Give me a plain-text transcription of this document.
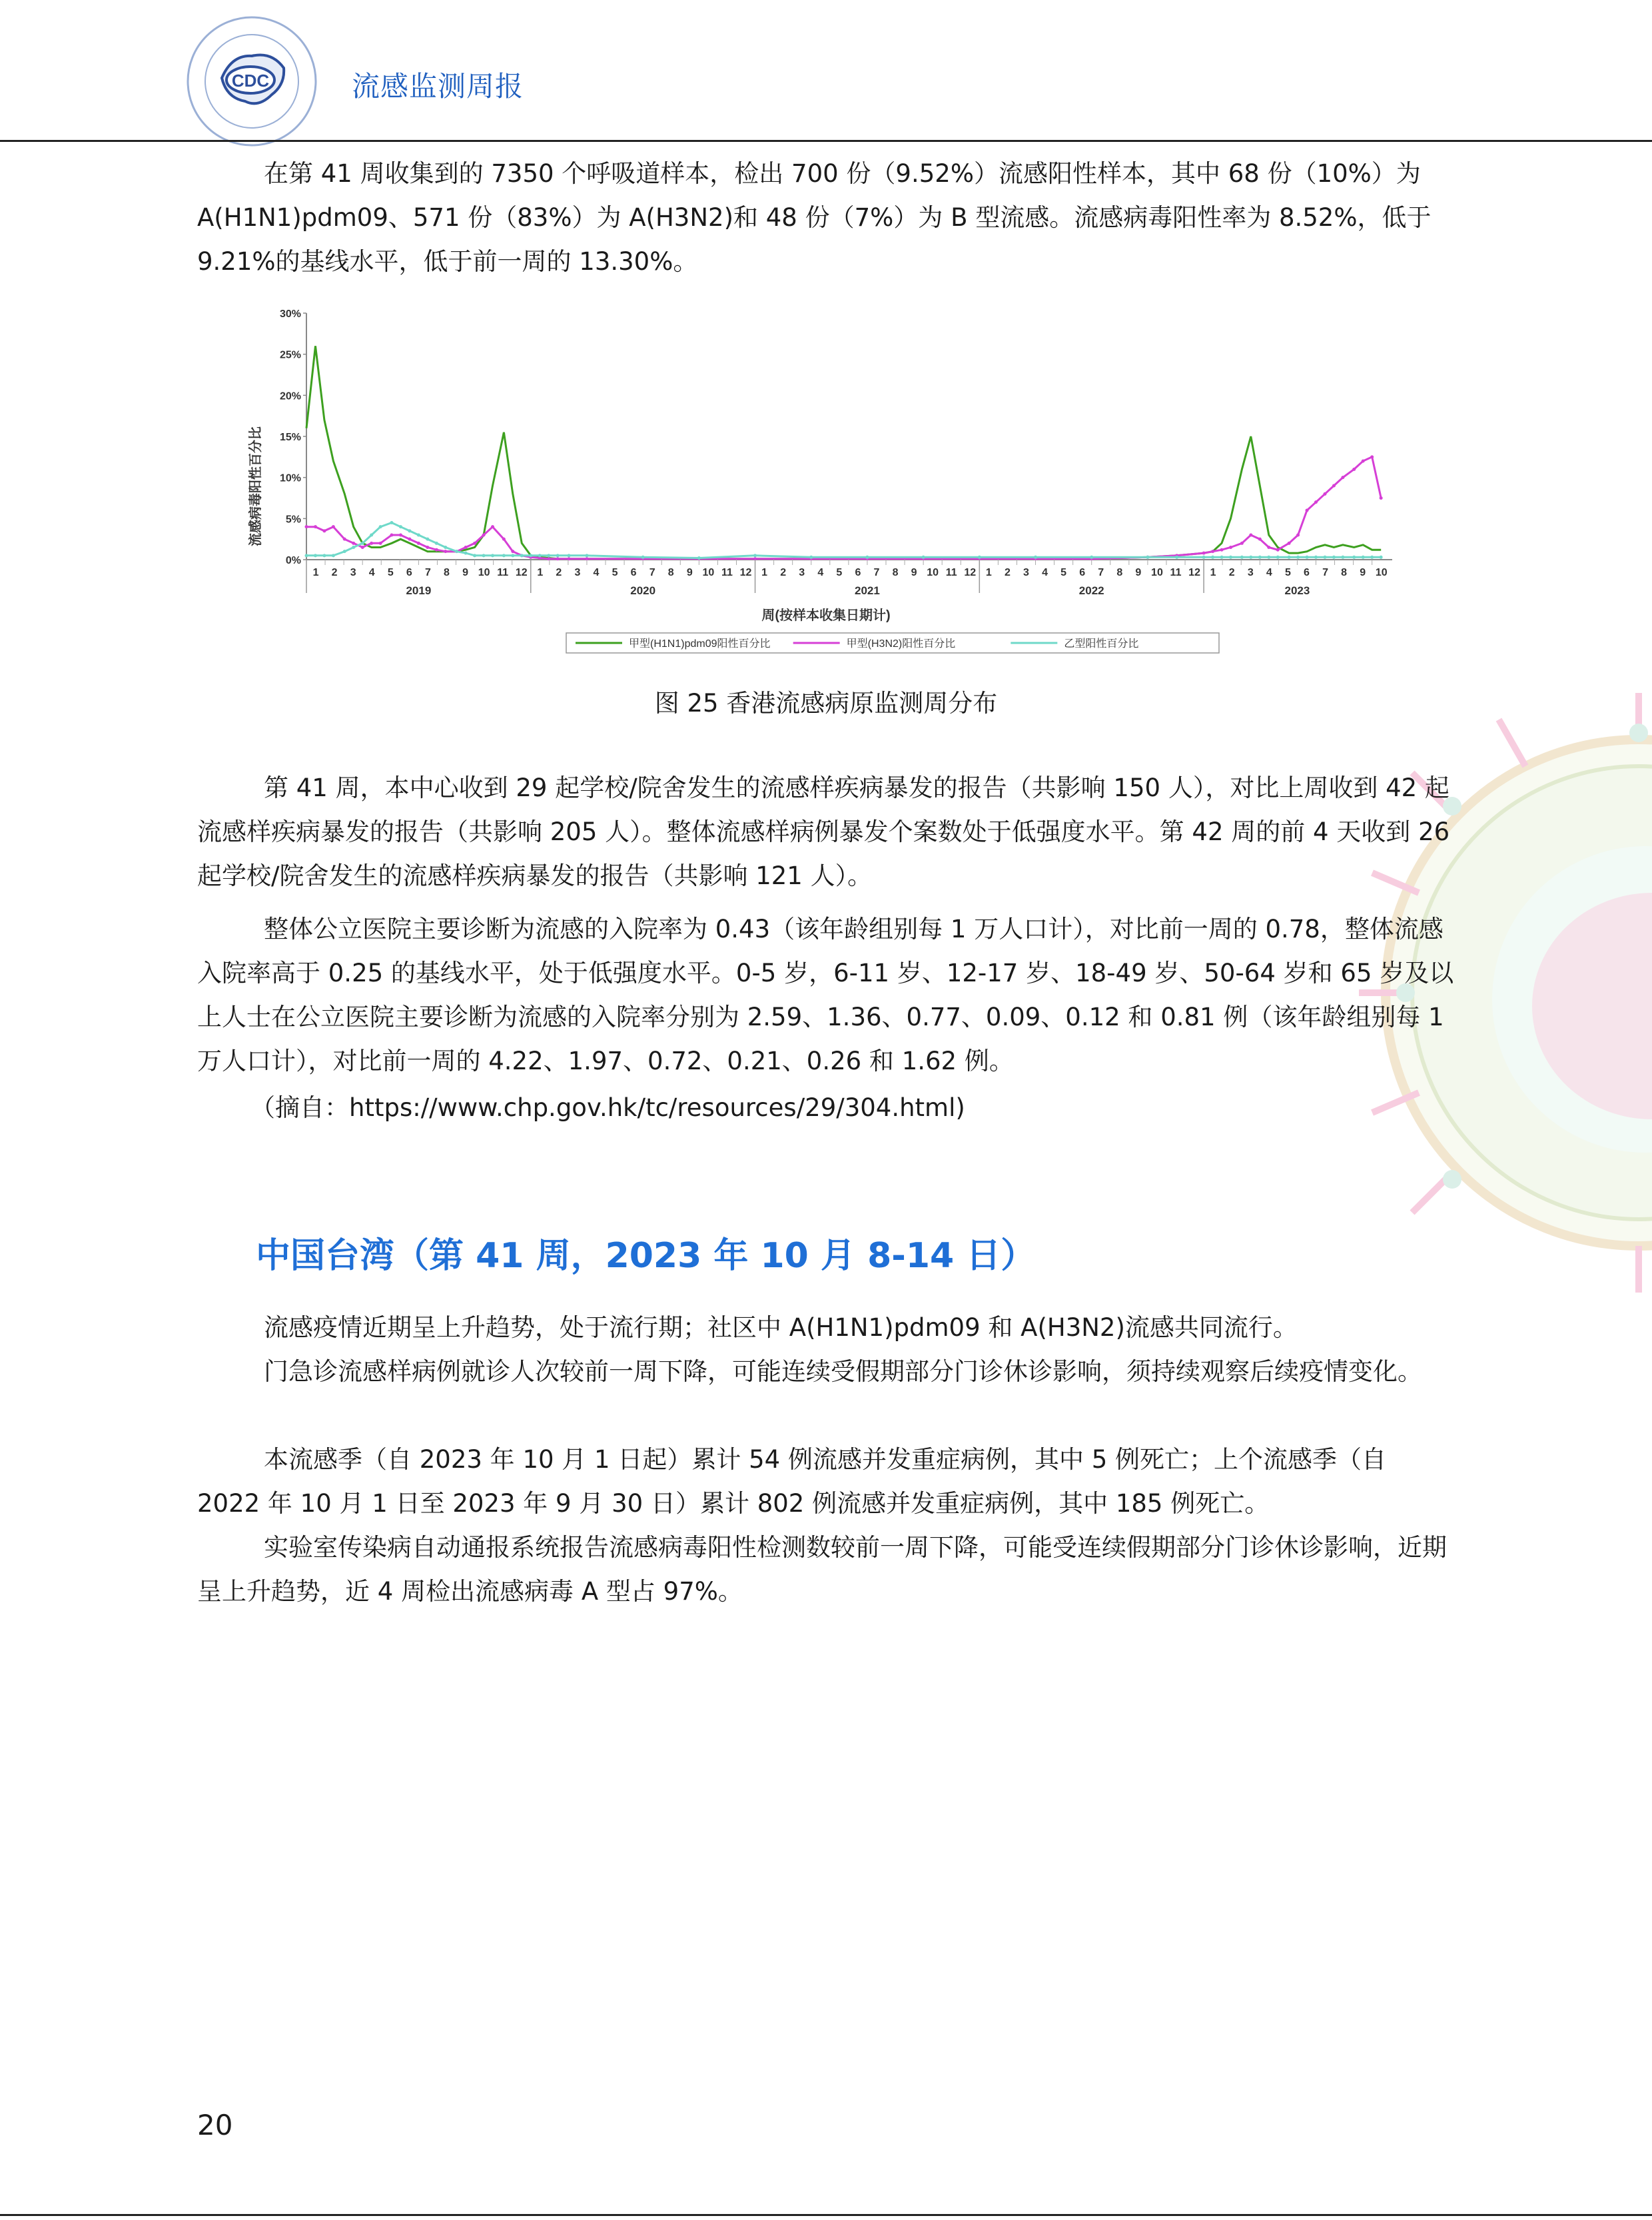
CDC	流感监测周报
在第 41 周收集到的 7350 个呼吸道样本，检出 700 份（9.52%）流感阳性样本，其中 68 份（10%）为 A(H1N1)pdm09、571 份（83%）为 A(H3N2)和 48 份（7%）为 B 型流感。流感病毒阳性率为 8.52%，低于 9.21%的基线水平，低于前一周的 13.30%。
流感病毒阳性百分比
0%
5%
10%
15%
20%
25%
30%
1 2 3 4 5 6 7 8 9 10 11 12
2019
1 2 3 4 5 6 7 8 9 10 11 12
2020
1 2 3 4 5 6 7 8 9 10 11 12
2021
1 2 3 4 5 6 7 8 9 10 11 12
2022
1 2 3 4 5 6 7 8 9 10
2023
周(按样本收集日期计)
甲型(H1N1)pdm09阳性百分比	甲型(H3N2)阳性百分比	乙型阳性百分比
图 25 香港流感病原监测周分布
第 41 周，本中心收到 29 起学校/院舍发生的流感样疾病暴发的报告（共影响 150 人），对比上周收到 42 起流感样疾病暴发的报告（共影响 205 人）。整体流感样病例暴发个案数处于低强度水平。第 42 周的前 4 天收到 26 起学校/院舍发生的流感样疾病暴发的报告（共影响 121 人）。
整体公立医院主要诊断为流感的入院率为 0.43（该年龄组别每 1 万人口计），对比前一周的 0.78，整体流感入院率高于 0.25 的基线水平，处于低强度水平。0-5 岁，6-11 岁、12-17 岁、18-49 岁、50-64 岁和 65 岁及以上人士在公立医院主要诊断为流感的入院率分别为 2.59、1.36、0.77、0.09、0.12 和 0.81 例（该年龄组别每 1 万人口计），对比前一周的 4.22、1.97、0.72、0.21、0.26 和 1.62 例。
（摘自：https://www.chp.gov.hk/tc/resources/29/304.html)
中国台湾（第 41 周，2023 年 10 月 8-14 日）
流感疫情近期呈上升趋势，处于流行期；社区中 A(H1N1)pdm09 和 A(H3N2)流感共同流行。
门急诊流感样病例就诊人次较前一周下降，可能连续受假期部分门诊休诊影响，须持续观察后续疫情变化。
本流感季（自 2023 年 10 月 1 日起）累计 54 例流感并发重症病例，其中 5 例死亡；上个流感季（自 2022 年 10 月 1 日至 2023 年 9 月 30 日）累计 802 例流感并发重症病例，其中 185 例死亡。
实验室传染病自动通报系统报告流感病毒阳性检测数较前一周下降，可能受连续假期部分门诊休诊影响，近期呈上升趋势，近 4 周检出流感病毒 A 型占 97%。
20
